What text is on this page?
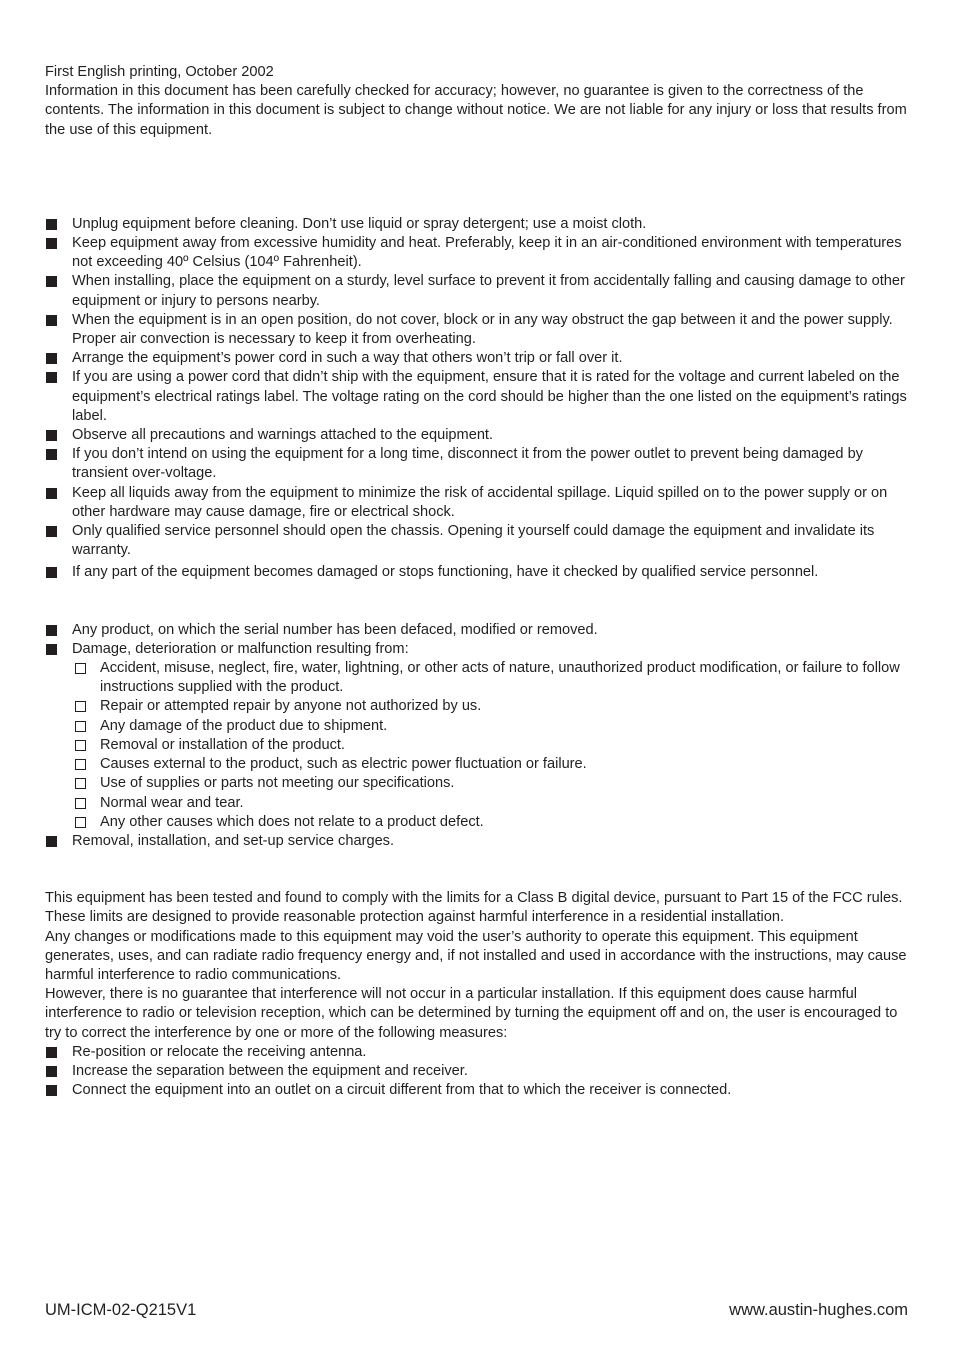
First English printing, October 2002

Information in this document has been carefully checked for accuracy; however, no guarantee is given to the correctness of the contents. The information in this document is subject to change without notice. We are not liable for any injury or loss that results from the use of this equipment.

Unplug equipment before cleaning. Don’t use liquid or spray detergent; use a moist cloth.
Keep equipment away from excessive humidity and heat. Preferably, keep it in an air-conditioned environment with temperatures not exceeding 40º Celsius (104º Fahrenheit).
When installing, place the equipment on a sturdy, level surface to prevent it from accidentally falling and causing damage to other equipment or injury to persons nearby.
When the equipment is in an open position, do not cover, block or in any way obstruct the gap between it and the power supply. Proper air convection is necessary to keep it from overheating.
Arrange the equipment’s power cord in such a way that others won’t trip or fall over it.
If you are using a power cord that didn’t ship with the equipment, ensure that it is rated for the voltage and current labeled on the equipment’s electrical ratings label. The voltage rating on the cord should be higher than the one listed on the equipment’s ratings label.
Observe all precautions and warnings attached to the equipment.
If you don’t intend on using the equipment for a long time, disconnect it from the power outlet to prevent being damaged by transient over-voltage.
Keep all liquids away from the equipment to minimize the risk of accidental spillage. Liquid spilled on to the power supply or on other hardware may cause damage, fire or electrical shock.
Only qualified service personnel should open the chassis. Opening it yourself could damage the equipment and invalidate its warranty.
If any part of the equipment becomes damaged or stops functioning, have it checked by qualified service personnel.
Any product, on which the serial number has been defaced, modified or removed.
Damage, deterioration or malfunction resulting from:
Accident, misuse, neglect, fire, water, lightning, or other acts of nature, unauthorized product modification, or failure to follow instructions supplied with the product.
Repair or attempted repair by anyone not authorized by us.
Any damage of the product due to shipment.
Removal or installation of the product.
Causes external to the product, such as electric power fluctuation or failure.
Use of supplies or parts not meeting our specifications.
Normal wear and tear.
Any other causes which does not relate to a product defect.
Removal, installation, and set-up service charges.

This equipment has been tested and found to comply with the limits for a Class B digital device, pursuant to Part 15 of the FCC rules. These limits are designed to provide reasonable protection against harmful interference in a residential installation.

Any changes or modifications made to this equipment may void the user’s authority to operate this equipment. This equipment generates, uses, and can radiate radio frequency energy and, if not installed and used in accordance with the instructions, may cause harmful interference to radio communications.

However, there is no guarantee that interference will not occur in a particular installation. If this equipment does cause harmful interference to radio or television reception, which can be determined by turning the equipment off and on, the user is encouraged to try to correct the interference by one or more of the following measures:

Re-position or relocate the receiving antenna.
Increase the separation between the equipment and receiver.
Connect the equipment into an outlet on a circuit different from that to which the receiver is connected.
UM-ICM-02-Q215V1	www.austin-hughes.com
